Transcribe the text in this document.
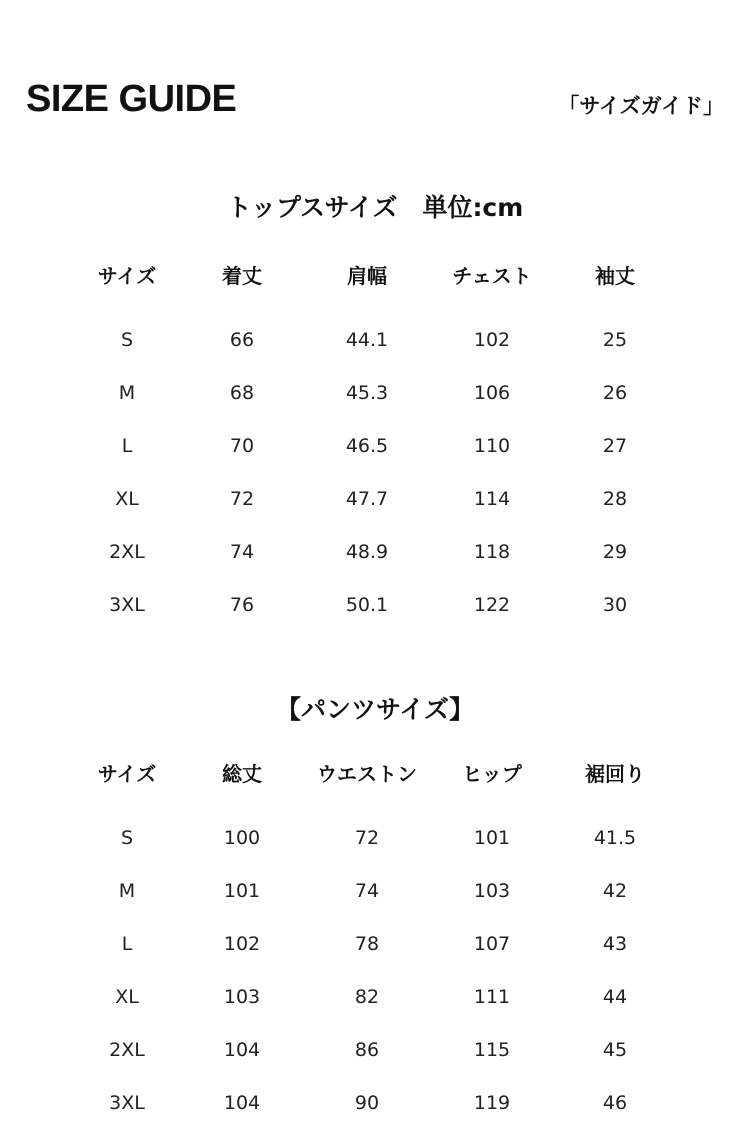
SIZE GUIDE	「サイズガイド」
トップスサイズ　単位:cm
サイズ	着丈	肩幅	チェスト	袖丈
S	66	44.1	102	25
M	68	45.3	106	26
L	70	46.5	110	27
XL	72	47.7	114	28
2XL	74	48.9	118	29
3XL	76	50.1	122	30
【パンツサイズ】
サイズ	総丈	ウエストン	ヒップ	裾回り
S	100	72	101	41.5
M	101	74	103	42
L	102	78	107	43
XL	103	82	111	44
2XL	104	86	115	45
3XL	104	90	119	46
